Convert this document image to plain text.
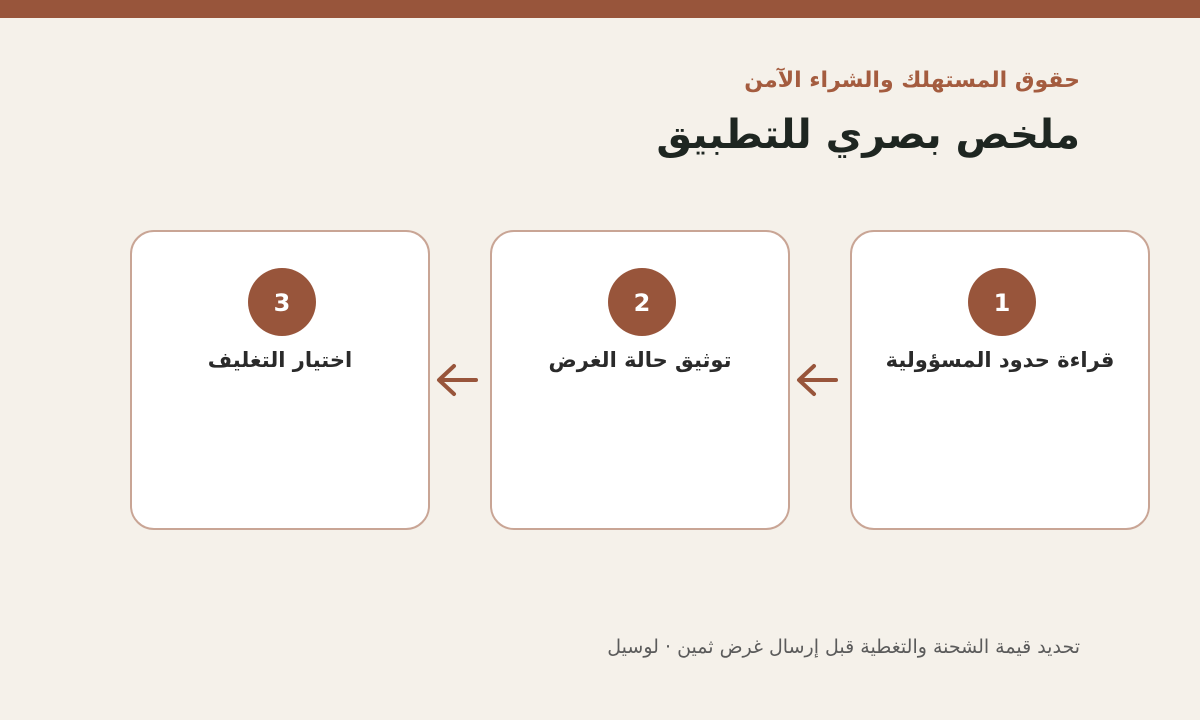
حقوق المستهلك والشراء الآمن
ملخص بصري للتطبيق
1
قراءة حدود المسؤولية
2
توثيق حالة الغرض
3
اختيار التغليف
تحديد قيمة الشحنة والتغطية قبل إرسال غرض ثمين · لوسيل
